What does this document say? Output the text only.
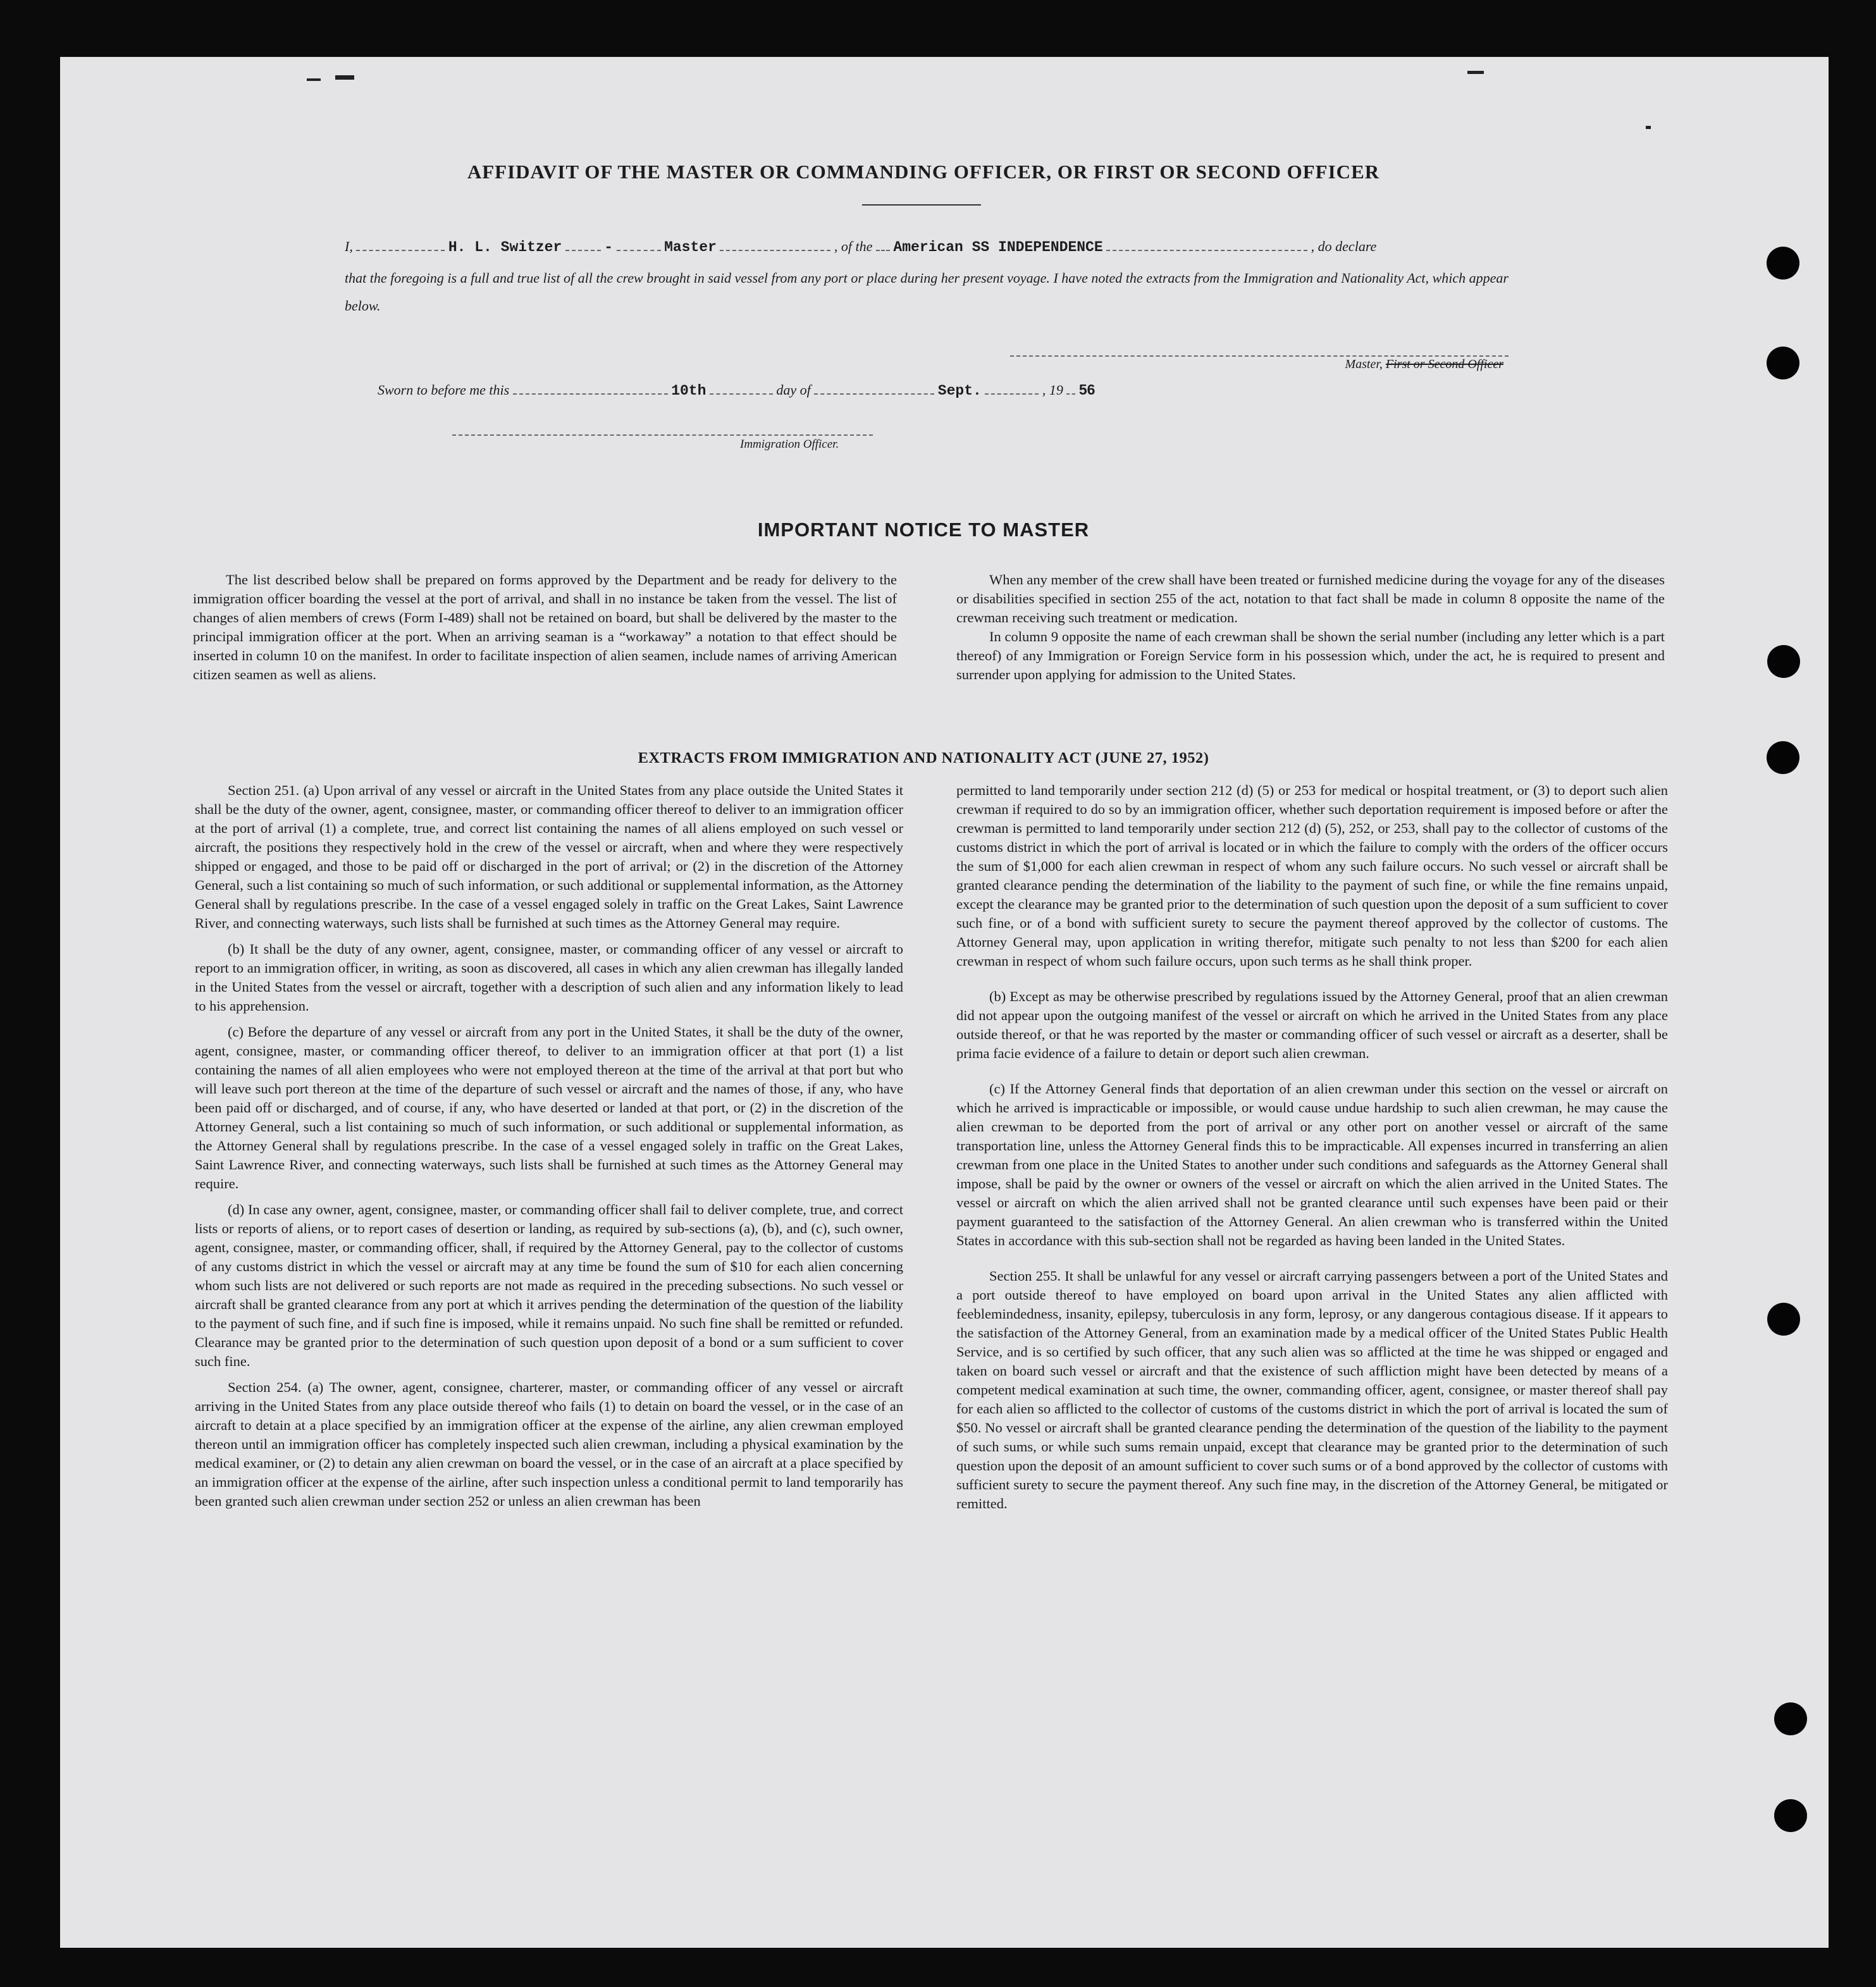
AFFIDAVIT OF THE MASTER OR COMMANDING OFFICER, OR FIRST OR SECOND OFFICER
I,	H. L. Switzer	-	Master	, of the American SS INDEPENDENCE	, do declare
that the foregoing is a full and true list of all the crew brought in said vessel from any port or place during her present voyage. I have noted the extracts from the Immigration and Nationality Act, which appear below.
Master, First or Second Officer
Sworn to before me this	10th	day of	Sept.	, 19 56
Immigration Officer.
IMPORTANT NOTICE TO MASTER

The list described below shall be prepared on forms approved by the Department and be ready for delivery to the immigration officer boarding the vessel at the port of arrival, and shall in no instance be taken from the vessel. The list of changes of alien members of crews (Form I-489) shall not be retained on board, but shall be delivered by the master to the principal immigration officer at the port. When an arriving seaman is a “workaway” a notation to that effect should be inserted in column 10 on the manifest. In order to facilitate inspection of alien seamen, include names of arriving American citizen seamen as well as aliens.

When any member of the crew shall have been treated or furnished medicine during the voyage for any of the diseases or disabilities specified in section 255 of the act, notation to that fact shall be made in column 8 opposite the name of the crewman receiving such treatment or medication.

In column 9 opposite the name of each crewman shall be shown the serial number (including any letter which is a part thereof) of any Immigration or Foreign Service form in his possession which, under the act, he is required to present and surrender upon applying for admission to the United States.

EXTRACTS FROM IMMIGRATION AND NATIONALITY ACT (JUNE 27, 1952)

Section 251. (a) Upon arrival of any vessel or aircraft in the United States from any place outside the United States it shall be the duty of the owner, agent, consignee, master, or commanding officer thereof to deliver to an immigration officer at the port of arrival (1) a complete, true, and correct list containing the names of all aliens employed on such vessel or aircraft, the positions they respectively hold in the crew of the vessel or aircraft, when and where they were respectively shipped or engaged, and those to be paid off or discharged in the port of arrival; or (2) in the discretion of the Attorney General, such a list containing so much of such information, or such additional or supplemental information, as the Attorney General shall by regulations prescribe. In the case of a vessel engaged solely in traffic on the Great Lakes, Saint Lawrence River, and connecting waterways, such lists shall be furnished at such times as the Attorney General may require.

(b) It shall be the duty of any owner, agent, consignee, master, or commanding officer of any vessel or aircraft to report to an immigration officer, in writing, as soon as discovered, all cases in which any alien crewman has illegally landed in the United States from the vessel or aircraft, together with a description of such alien and any information likely to lead to his apprehension.

(c) Before the departure of any vessel or aircraft from any port in the United States, it shall be the duty of the owner, agent, consignee, master, or commanding officer thereof, to deliver to an immigration officer at that port (1) a list containing the names of all alien employees who were not employed thereon at the time of the arrival at that port but who will leave such port thereon at the time of the departure of such vessel or aircraft and the names of those, if any, who have been paid off or discharged, and of course, if any, who have deserted or landed at that port, or (2) in the discretion of the Attorney General, such a list containing so much of such information, or such additional or supplemental information, as the Attorney General shall by regulations prescribe. In the case of a vessel engaged solely in traffic on the Great Lakes, Saint Lawrence River, and connecting waterways, such lists shall be furnished at such times as the Attorney General may require.

(d) In case any owner, agent, consignee, master, or commanding officer shall fail to deliver complete, true, and correct lists or reports of aliens, or to report cases of desertion or landing, as required by sub-sections (a), (b), and (c), such owner, agent, consignee, master, or commanding officer, shall, if required by the Attorney General, pay to the collector of customs of any customs district in which the vessel or aircraft may at any time be found the sum of $10 for each alien concerning whom such lists are not delivered or such reports are not made as required in the preceding subsections. No such vessel or aircraft shall be granted clearance from any port at which it arrives pending the determination of the question of the liability to the payment of such fine, and if such fine is imposed, while it remains unpaid. No such fine shall be remitted or refunded. Clearance may be granted prior to the determination of such question upon deposit of a bond or a sum sufficient to cover such fine.

Section 254. (a) The owner, agent, consignee, charterer, master, or commanding officer of any vessel or aircraft arriving in the United States from any place outside thereof who fails (1) to detain on board the vessel, or in the case of an aircraft to detain at a place specified by an immigration officer at the expense of the airline, any alien crewman employed thereon until an immigration officer has completely inspected such alien crewman, including a physical examination by the medical examiner, or (2) to detain any alien crewman on board the vessel, or in the case of an aircraft at a place specified by an immigration officer at the expense of the airline, after such inspection unless a conditional permit to land temporarily has been granted such alien crewman under section 252 or unless an alien crewman has been

permitted to land temporarily under section 212 (d) (5) or 253 for medical or hospital treatment, or (3) to deport such alien crewman if required to do so by an immigration officer, whether such deportation requirement is imposed before or after the crewman is permitted to land temporarily under section 212 (d) (5), 252, or 253, shall pay to the collector of customs of the customs district in which the port of arrival is located or in which the failure to comply with the orders of the officer occurs the sum of $1,000 for each alien crewman in respect of whom any such failure occurs. No such vessel or aircraft shall be granted clearance pending the determination of the liability to the payment of such fine, or while the fine remains unpaid, except the clearance may be granted prior to the determination of such question upon the deposit of a sum sufficient to cover such fine, or of a bond with sufficient surety to secure the payment thereof approved by the collector of customs. The Attorney General may, upon application in writing therefor, mitigate such penalty to not less than $200 for each alien crewman in respect of whom such failure occurs, upon such terms as he shall think proper.

(b) Except as may be otherwise prescribed by regulations issued by the Attorney General, proof that an alien crewman did not appear upon the outgoing manifest of the vessel or aircraft on which he arrived in the United States from any place outside thereof, or that he was reported by the master or commanding officer of such vessel or aircraft as a deserter, shall be prima facie evidence of a failure to detain or deport such alien crewman.

(c) If the Attorney General finds that deportation of an alien crewman under this section on the vessel or aircraft on which he arrived is impracticable or impossible, or would cause undue hardship to such alien crewman, he may cause the alien crewman to be deported from the port of arrival or any other port on another vessel or aircraft of the same transportation line, unless the Attorney General finds this to be impracticable. All expenses incurred in transferring an alien crewman from one place in the United States to another under such conditions and safeguards as the Attorney General shall impose, shall be paid by the owner or owners of the vessel or aircraft on which the alien arrived in the United States. The vessel or aircraft on which the alien arrived shall not be granted clearance until such expenses have been paid or their payment guaranteed to the satisfaction of the Attorney General. An alien crewman who is transferred within the United States in accordance with this sub-section shall not be regarded as having been landed in the United States.

Section 255. It shall be unlawful for any vessel or aircraft carrying passengers between a port of the United States and a port outside thereof to have employed on board upon arrival in the United States any alien afflicted with feeblemindedness, insanity, epilepsy, tuberculosis in any form, leprosy, or any dangerous contagious disease. If it appears to the satisfaction of the Attorney General, from an examination made by a medical officer of the United States Public Health Service, and is so certified by such officer, that any such alien was so afflicted at the time he was shipped or engaged and taken on board such vessel or aircraft and that the existence of such affliction might have been detected by means of a competent medical examination at such time, the owner, commanding officer, agent, consignee, or master thereof shall pay for each alien so afflicted to the collector of customs of the customs district in which the port of arrival is located the sum of $50. No vessel or aircraft shall be granted clearance pending the determination of the question of the liability to the payment of such sums, or while such sums remain unpaid, except that clearance may be granted prior to the determination of such question upon the deposit of an amount sufficient to cover such sums or of a bond approved by the collector of customs with sufficient surety to secure the payment thereof. Any such fine may, in the discretion of the Attorney General, be mitigated or remitted.
